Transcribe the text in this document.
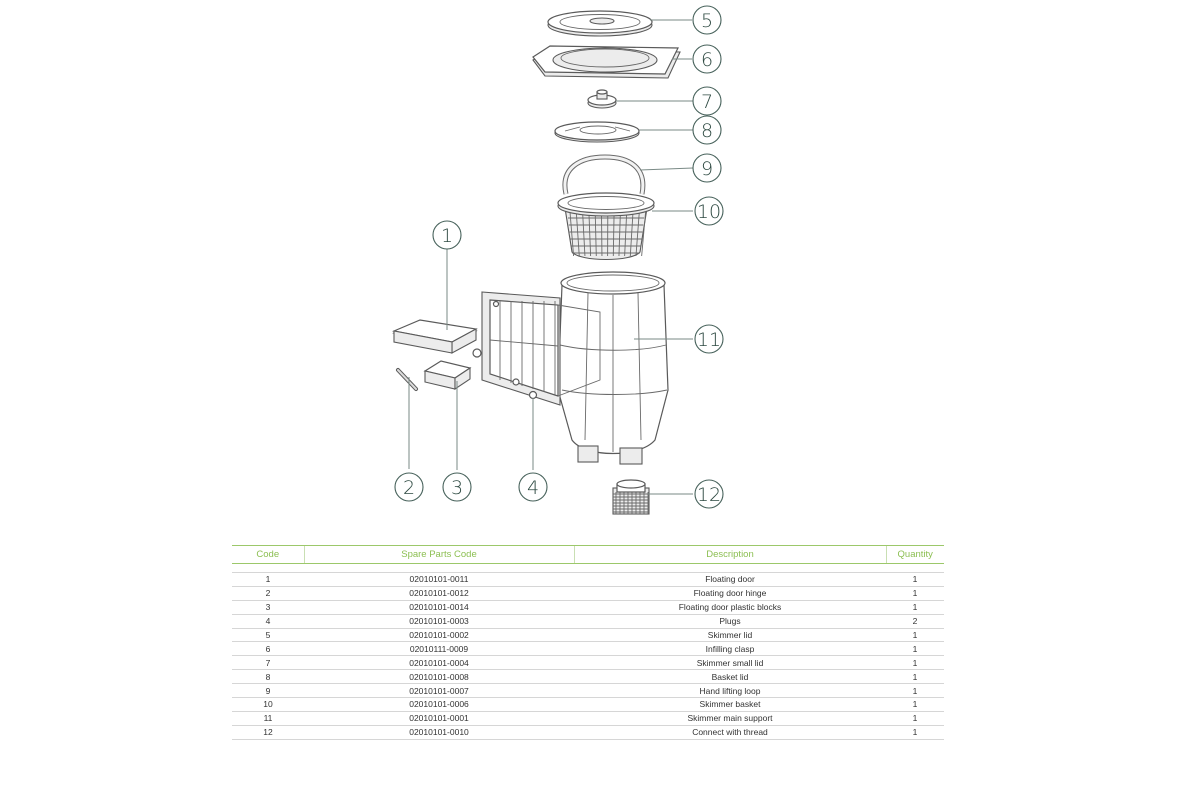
1
2 3	4
5
6
7
8
9
10
11
12
Code	Spare Parts Code	Description	Quantity

1	02010101-0011	Floating door	1
2	02010101-0012	Floating door hinge	1
3	02010101-0014	Floating door plastic blocks	1
4	02010101-0003	Plugs	2
5	02010101-0002	Skimmer lid	1
6	02010111-0009	Infilling clasp	1
7	02010101-0004	Skimmer small lid	1
8	02010101-0008	Basket lid	1
9	02010101-0007	Hand lifting loop	1
10	02010101-0006	Skimmer basket	1
11	02010101-0001	Skimmer main support	1
12	02010101-0010	Connect with thread	1
